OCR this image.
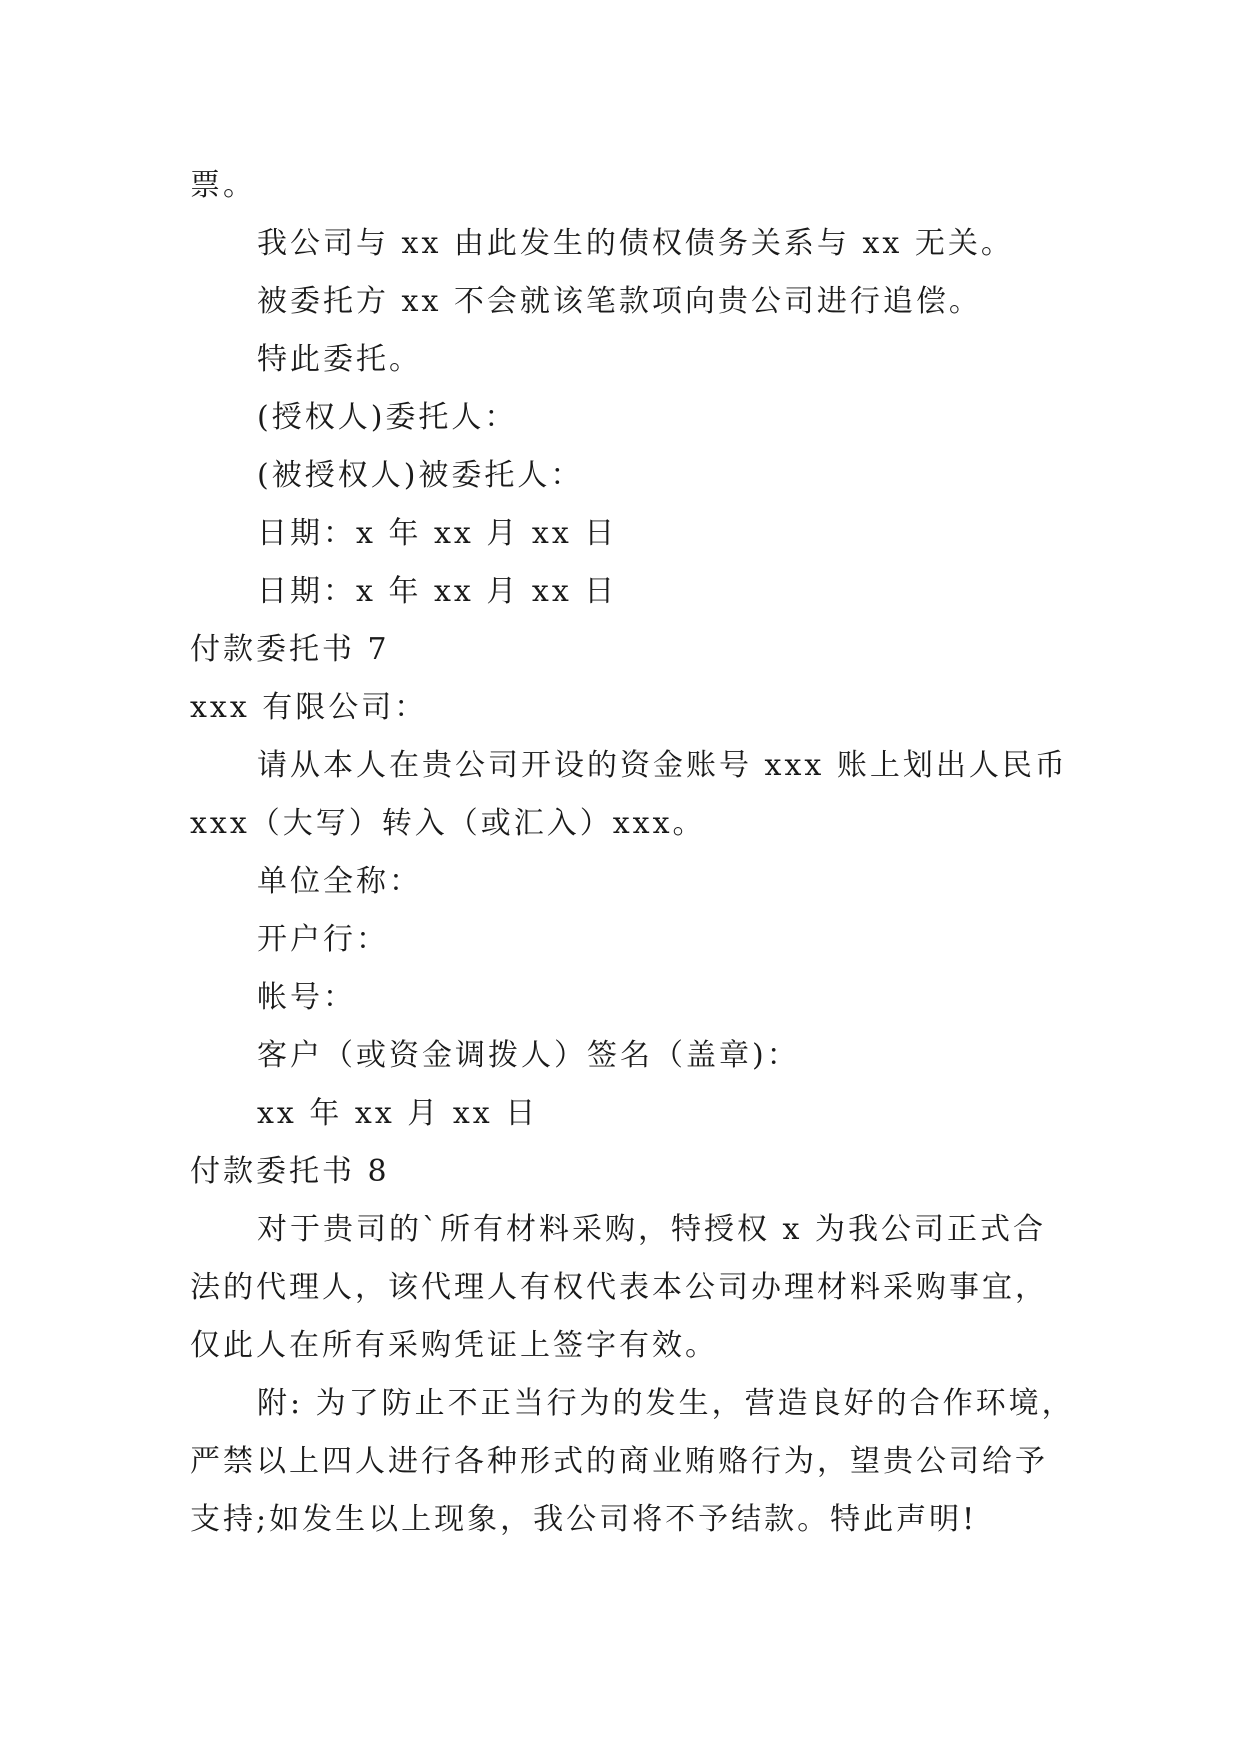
票。
我公司与 xx 由此发生的债权债务关系与 xx 无关。
被委托方 xx 不会就该笔款项向贵公司进行追偿。
特此委托。
(授权人)委托人：
(被授权人)被委托人：
日期：x 年 xx 月 xx 日
日期：x 年 xx 月 xx 日
付款委托书 7
xxx 有限公司：
请从本人在贵公司开设的资金账号 xxx 账上划出人民币
xxx（大写）转入（或汇入）xxx。
单位全称：
开户行：
帐号：
客户（或资金调拨人）签名（盖章)：
xx 年 xx 月 xx 日
付款委托书 8
对于贵司的`所有材料采购，特授权 x 为我公司正式合
法的代理人，该代理人有权代表本公司办理材料采购事宜，
仅此人在所有采购凭证上签字有效。
附: 为了防止不正当行为的发生，营造良好的合作环境，
严禁以上四人进行各种形式的商业贿赂行为，望贵公司给予
支持;如发生以上现象，我公司将不予结款。特此声明!
